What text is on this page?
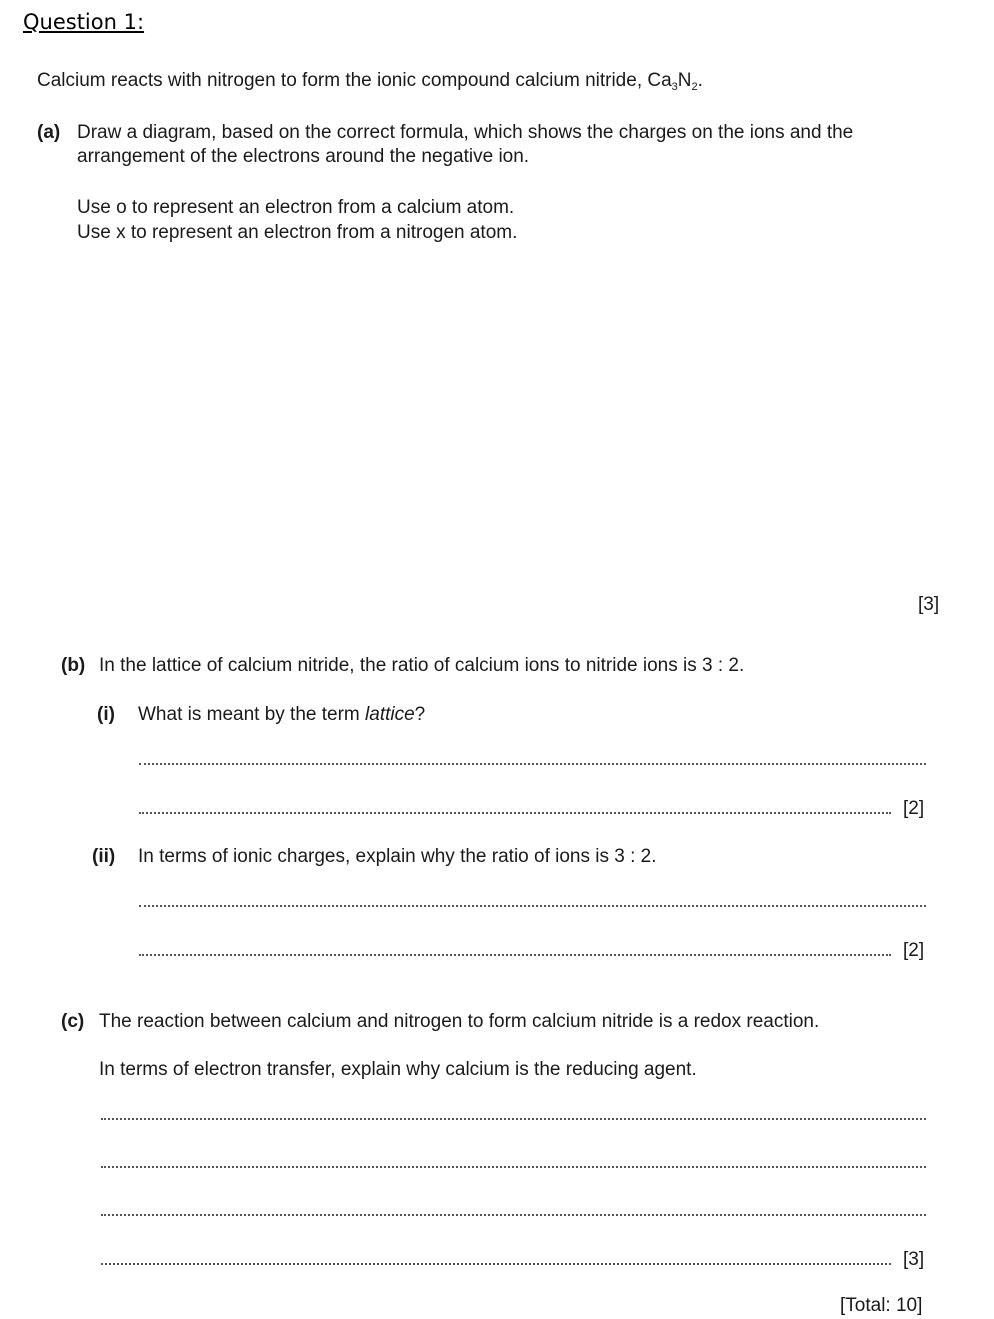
Question 1:
Calcium reacts with nitrogen to form the ionic compound calcium nitride, $Ca_3N_2$.
(a) Draw a diagram, based on the correct formula, which shows the charges on the ions and the
arrangement of the electrons around the negative ion.
Use o to represent an electron from a calcium atom.
Use x to represent an electron from a nitrogen atom.
[3]
(b) In the lattice of calcium nitride, the ratio of calcium ions to nitride ions is 3 : 2.
(i) What is meant by the term lattice?
[2]
(ii) In terms of ionic charges, explain why the ratio of ions is 3 : 2.
[2]
(c) The reaction between calcium and nitrogen to form calcium nitride is a redox reaction.
In terms of electron transfer, explain why calcium is the reducing agent.
[3]
[Total: 10]
